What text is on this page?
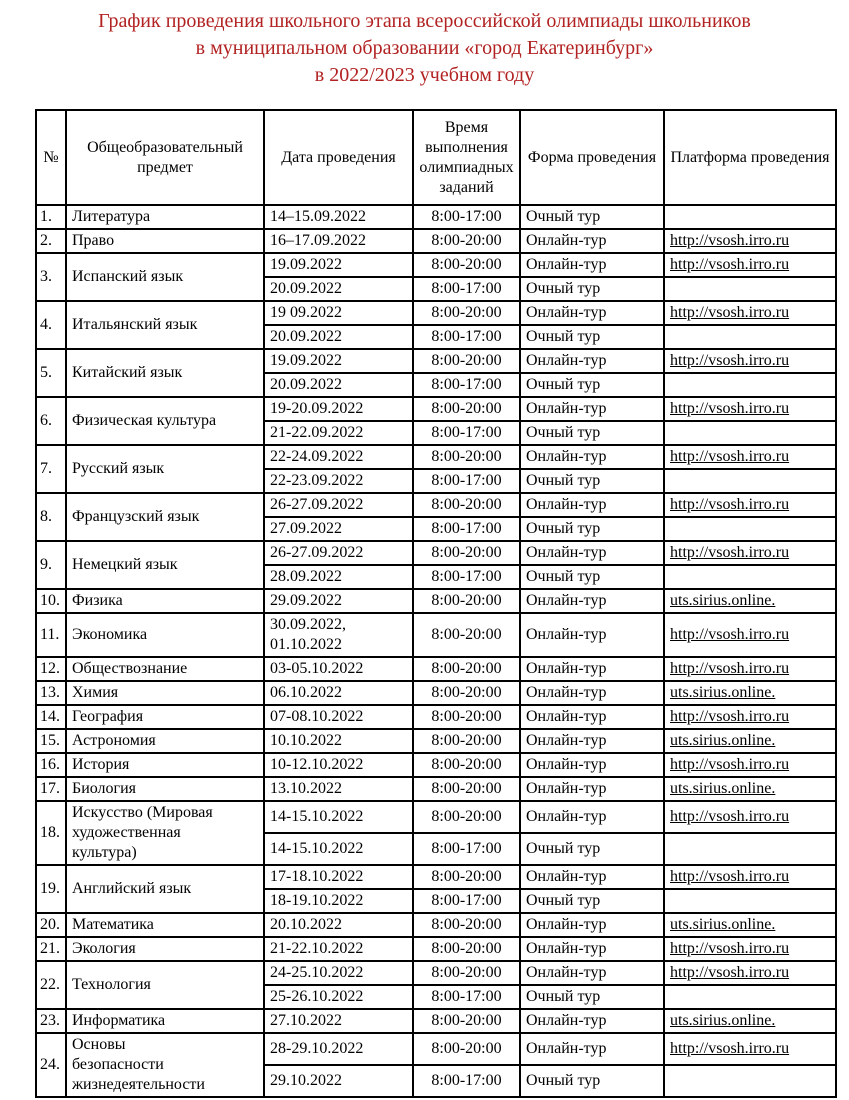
График проведения школьного этапа всероссийской олимпиады школьников
в муниципальном образовании «город Екатеринбург»
в 2022/2023 учебном году
№	Общеобразовательный предмет	Дата проведения	Время выполнения олимпиадных заданий	Форма проведения	Платформа проведения
1.	Литература	14–15.09.2022	8:00-17:00	Очный тур	
2.	Право	16–17.09.2022	8:00-20:00	Онлайн-тур	http://vsosh.irro.ru
3.	Испанский язык	19.09.2022	8:00-20:00	Онлайн-тур	http://vsosh.irro.ru
		20.09.2022	8:00-17:00	Очный тур	
4.	Итальянский язык	19 09.2022	8:00-20:00	Онлайн-тур	http://vsosh.irro.ru
		20.09.2022	8:00-17:00	Очный тур	
5.	Китайский язык	19.09.2022	8:00-20:00	Онлайн-тур	http://vsosh.irro.ru
		20.09.2022	8:00-17:00	Очный тур	
6.	Физическая культура	19-20.09.2022	8:00-20:00	Онлайн-тур	http://vsosh.irro.ru
		21-22.09.2022	8:00-17:00	Очный тур	
7.	Русский язык	22-24.09.2022	8:00-20:00	Онлайн-тур	http://vsosh.irro.ru
		22-23.09.2022	8:00-17:00	Очный тур	
8.	Французский язык	26-27.09.2022	8:00-20:00	Онлайн-тур	http://vsosh.irro.ru
		27.09.2022	8:00-17:00	Очный тур	
9.	Немецкий язык	26-27.09.2022	8:00-20:00	Онлайн-тур	http://vsosh.irro.ru
		28.09.2022	8:00-17:00	Очный тур	
10.	Физика	29.09.2022	8:00-20:00	Онлайн-тур	uts.sirius.online.
11.	Экономика	30.09.2022, 01.10.2022	8:00-20:00	Онлайн-тур	http://vsosh.irro.ru
12.	Обществознание	03-05.10.2022	8:00-20:00	Онлайн-тур	http://vsosh.irro.ru
13.	Химия	06.10.2022	8:00-20:00	Онлайн-тур	uts.sirius.online.
14.	География	07-08.10.2022	8:00-20:00	Онлайн-тур	http://vsosh.irro.ru
15.	Астрономия	10.10.2022	8:00-20:00	Онлайн-тур	uts.sirius.online.
16.	История	10-12.10.2022	8:00-20:00	Онлайн-тур	http://vsosh.irro.ru
17.	Биология	13.10.2022	8:00-20:00	Онлайн-тур	uts.sirius.online.
18.	Искусство (Мировая художественная культура)	14-15.10.2022	8:00-20:00	Онлайн-тур	http://vsosh.irro.ru
		14-15.10.2022	8:00-17:00	Очный тур	
19.	Английский язык	17-18.10.2022	8:00-20:00	Онлайн-тур	http://vsosh.irro.ru
		18-19.10.2022	8:00-17:00	Очный тур	
20.	Математика	20.10.2022	8:00-20:00	Онлайн-тур	uts.sirius.online.
21.	Экология	21-22.10.2022	8:00-20:00	Онлайн-тур	http://vsosh.irro.ru
22.	Технология	24-25.10.2022	8:00-20:00	Онлайн-тур	http://vsosh.irro.ru
		25-26.10.2022	8:00-17:00	Очный тур	
23.	Информатика	27.10.2022	8:00-20:00	Онлайн-тур	uts.sirius.online.
24.	Основы безопасности жизнедеятельности	28-29.10.2022	8:00-20:00	Онлайн-тур	http://vsosh.irro.ru
		29.10.2022	8:00-17:00	Очный тур	
